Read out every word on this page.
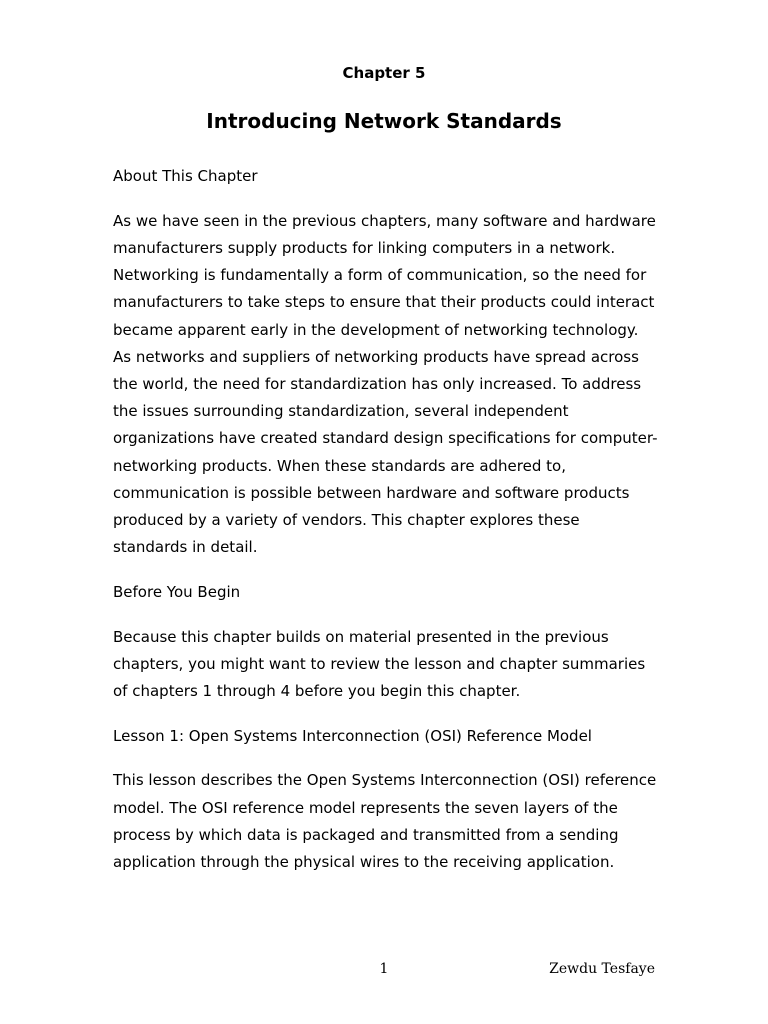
Chapter 5
Introducing Network Standards

About This Chapter

As we have seen in the previous chapters, many software and hardware manufacturers supply products for linking computers in a network. Networking is fundamentally a form of communication, so the need for manufacturers to take steps to ensure that their products could interact became apparent early in the development of networking technology. As networks and suppliers of networking products have spread across the world, the need for standardization has only increased. To address the issues surrounding standardization, several independent organizations have created standard design specifications for computer-networking products. When these standards are adhered to, communication is possible between hardware and software products produced by a variety of vendors. This chapter explores these standards in detail.

Before You Begin

Because this chapter builds on material presented in the previous chapters, you might want to review the lesson and chapter summaries of chapters 1 through 4 before you begin this chapter.

Lesson 1: Open Systems Interconnection (OSI) Reference Model

This lesson describes the Open Systems Interconnection (OSI) reference model. The OSI reference model represents the seven layers of the process by which data is packaged and transmitted from a sending application through the physical wires to the receiving application.

1	Zewdu Tesfaye
